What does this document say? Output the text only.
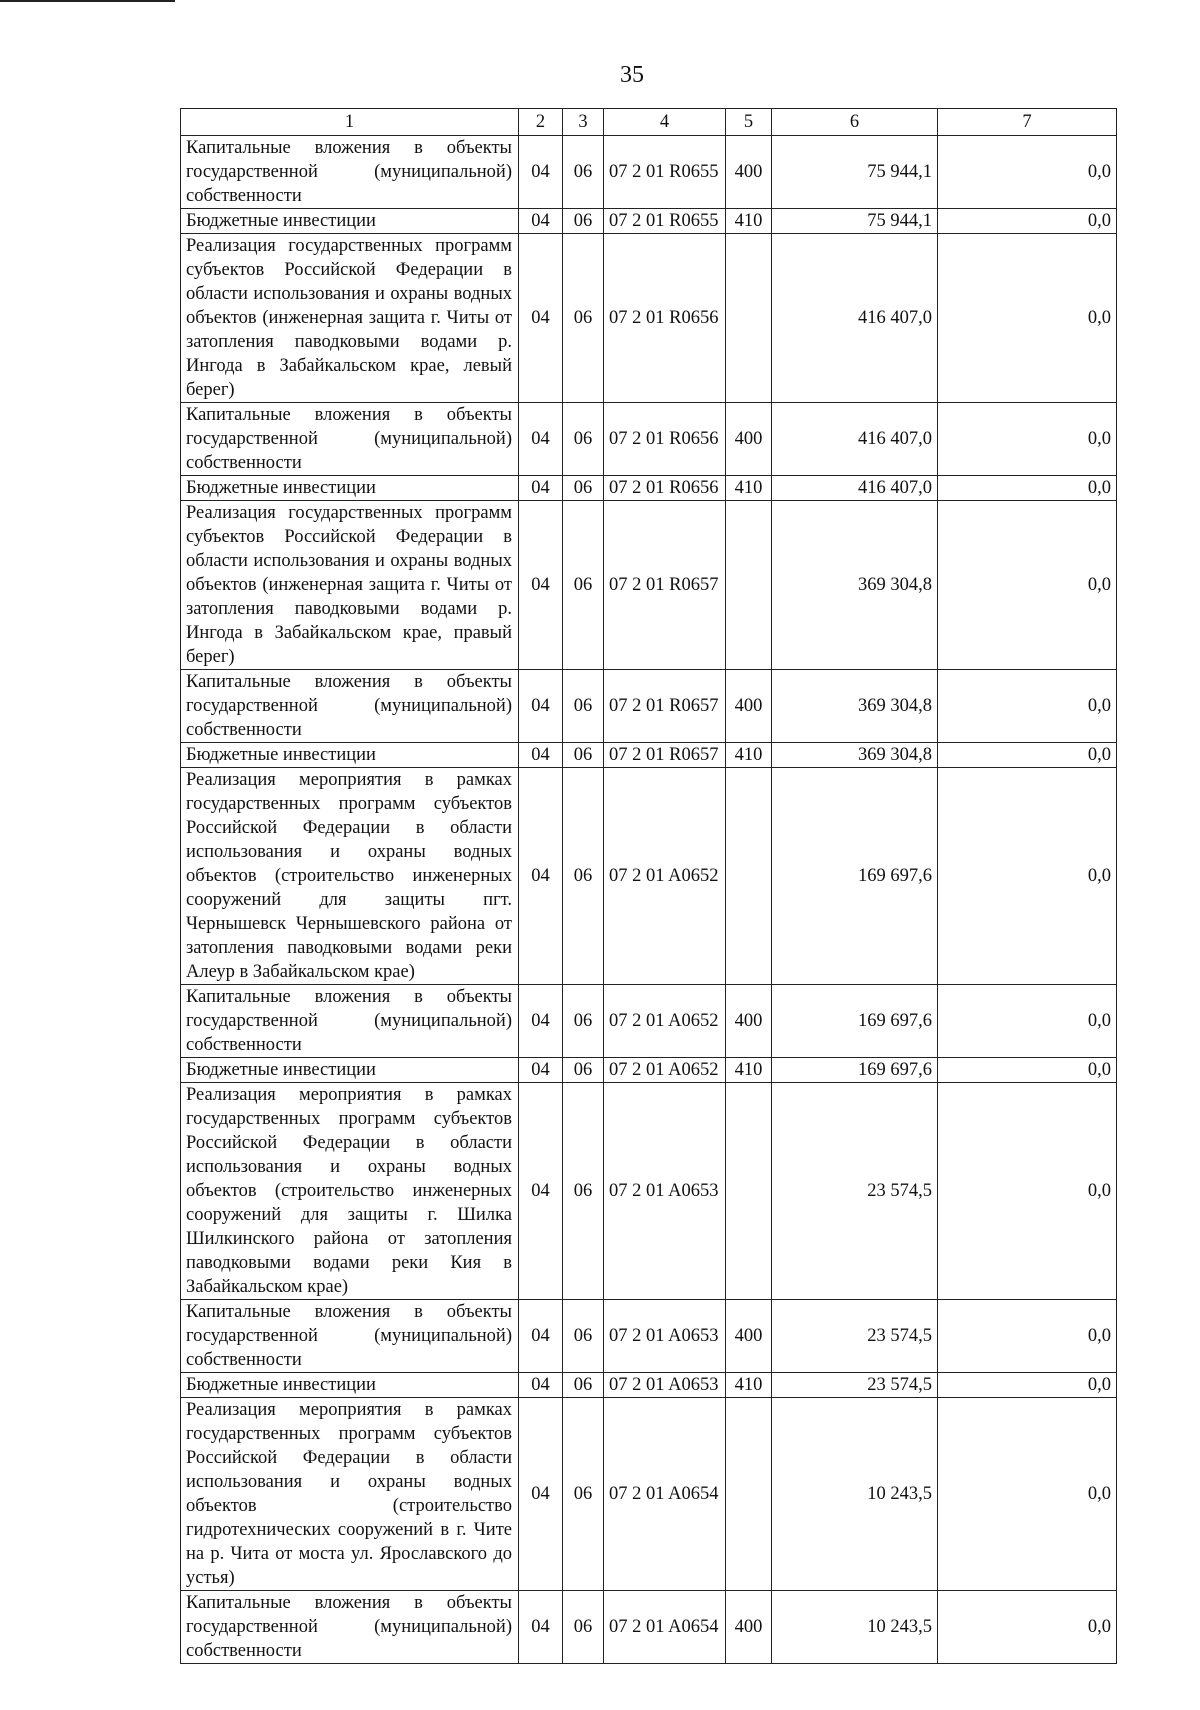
35
1	2	3	4	5	6	7
Капитальные вложения в объекты государственной (муниципальной) собственности	04	06	07 2 01 R0655	400	75 944,1	0,0
Бюджетные инвестиции	04	06	07 2 01 R0655	410	75 944,1	0,0
Реализация государственных программ субъектов Российской Федерации в области использования и охраны водных объектов (инженерная защита г. Читы от затопления паводковыми водами р. Ингода в Забайкальском крае, левый берег)	04	06	07 2 01 R0656		416 407,0	0,0
Капитальные вложения в объекты государственной (муниципальной) собственности	04	06	07 2 01 R0656	400	416 407,0	0,0
Бюджетные инвестиции	04	06	07 2 01 R0656	410	416 407,0	0,0
Реализация государственных программ субъектов Российской Федерации в области использования и охраны водных объектов (инженерная защита г. Читы от затопления паводковыми водами р. Ингода в Забайкальском крае, правый берег)	04	06	07 2 01 R0657		369 304,8	0,0
Капитальные вложения в объекты государственной (муниципальной) собственности	04	06	07 2 01 R0657	400	369 304,8	0,0
Бюджетные инвестиции	04	06	07 2 01 R0657	410	369 304,8	0,0
Реализация мероприятия в рамках государственных программ субъектов Российской Федерации в области использования и охраны водных объектов (строительство инженерных сооружений для защиты пгт. Чернышевск Чернышевского района от затопления паводковыми водами реки Алеур в Забайкальском крае)	04	06	07 2 01 A0652		169 697,6	0,0
Капитальные вложения в объекты государственной (муниципальной) собственности	04	06	07 2 01 A0652	400	169 697,6	0,0
Бюджетные инвестиции	04	06	07 2 01 A0652	410	169 697,6	0,0
Реализация мероприятия в рамках государственных программ субъектов Российской Федерации в области использования и охраны водных объектов (строительство инженерных сооружений для защиты г. Шилка Шилкинского района от затопления паводковыми водами реки Кия в Забайкальском крае)	04	06	07 2 01 A0653		23 574,5	0,0
Капитальные вложения в объекты государственной (муниципальной) собственности	04	06	07 2 01 A0653	400	23 574,5	0,0
Бюджетные инвестиции	04	06	07 2 01 A0653	410	23 574,5	0,0
Реализация мероприятия в рамках государственных программ субъектов Российской Федерации в области использования и охраны водных объектов (строительство гидротехнических сооружений в г. Чите на р. Чита от моста ул. Ярославского до устья)	04	06	07 2 01 A0654		10 243,5	0,0
Капитальные вложения в объекты государственной (муниципальной) собственности	04	06	07 2 01 A0654	400	10 243,5	0,0
